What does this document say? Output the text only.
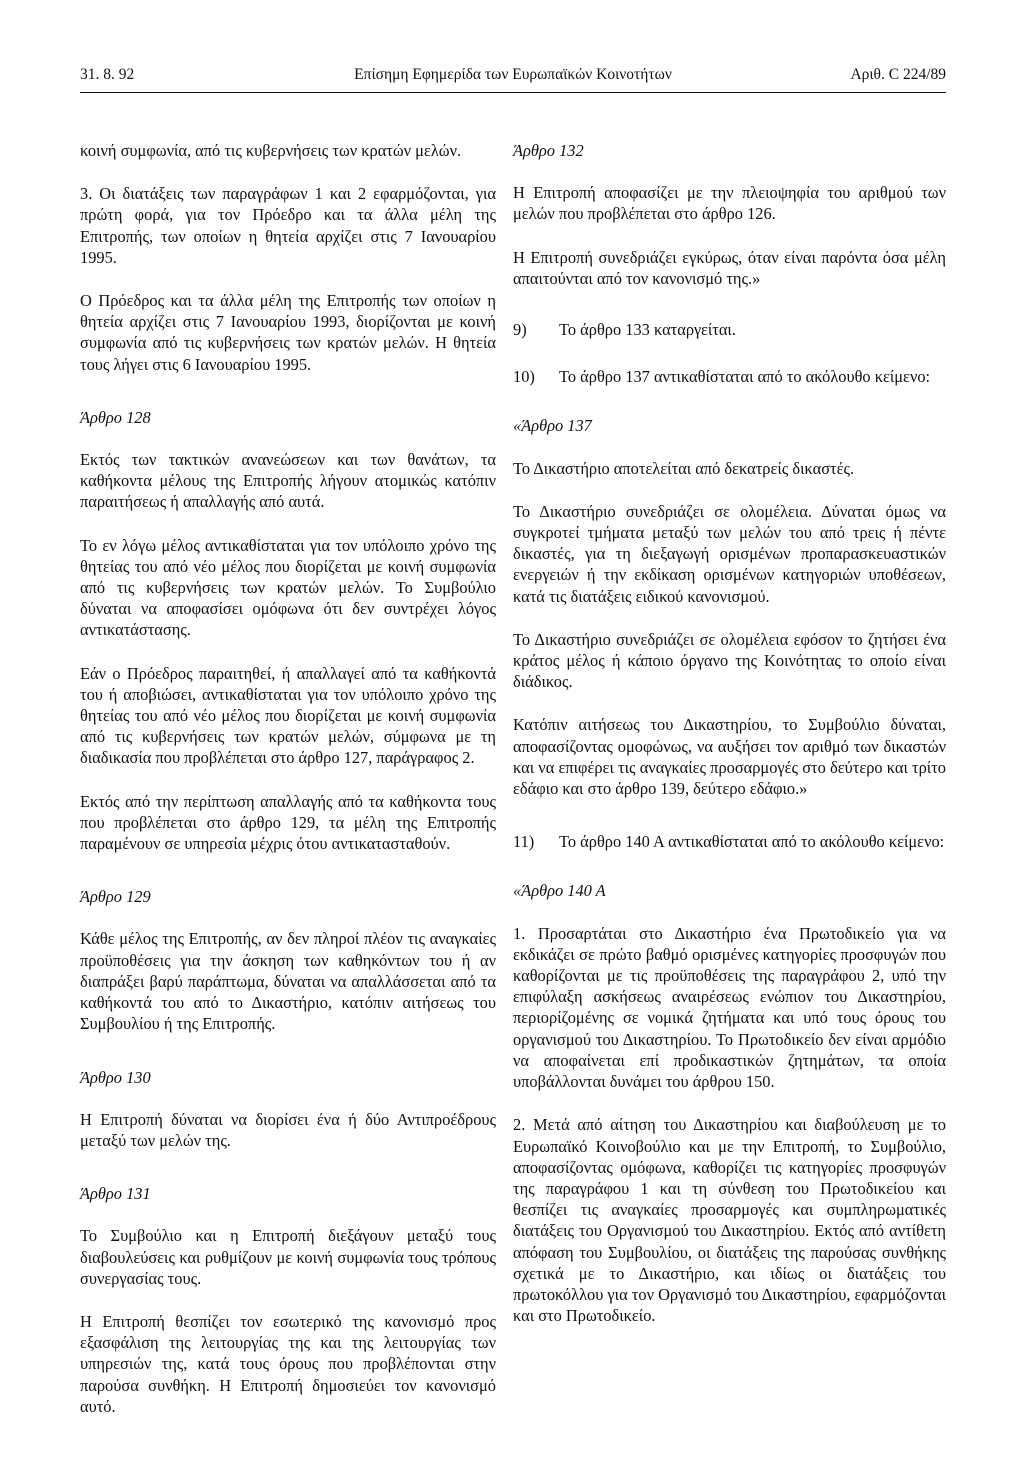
31. 8. 92	Επίσημη Εφημερίδα των Ευρωπαϊκών Κοινοτήτων	Αριθ. C 224/89

κοινή συμφωνία, από τις κυβερνήσεις των κρατών μελών.

3. Οι διατάξεις των παραγράφων 1 και 2 εφαρμόζονται, για πρώτη φορά, για τον Πρόεδρο και τα άλλα μέλη της Επιτροπής, των οποίων η θητεία αρχίζει στις 7 Ιανουαρίου 1995.

Ο Πρόεδρος και τα άλλα μέλη της Επιτροπής των οποίων η θητεία αρχίζει στις 7 Ιανουαρίου 1993, διορίζονται με κοινή συμφωνία από τις κυβερνήσεις των κρατών μελών. Η θητεία τους λήγει στις 6 Ιανουαρίου 1995.

Άρθρο 128

Εκτός των τακτικών ανανεώσεων και των θανάτων, τα καθήκοντα μέλους της Επιτροπής λήγουν ατομικώς κατόπιν παραιτήσεως ή απαλλαγής από αυτά.

Το εν λόγω μέλος αντικαθίσταται για τον υπόλοιπο χρόνο της θητείας του από νέο μέλος που διορίζεται με κοινή συμφωνία από τις κυβερνήσεις των κρατών μελών. Το Συμβούλιο δύναται να αποφασίσει ομόφωνα ότι δεν συντρέχει λόγος αντικατάστασης.

Εάν ο Πρόεδρος παραιτηθεί, ή απαλλαγεί από τα καθήκοντά του ή αποβιώσει, αντικαθίσταται για τον υπόλοιπο χρόνο της θητείας του από νέο μέλος που διορίζεται με κοινή συμφωνία από τις κυβερνήσεις των κρατών μελών, σύμφωνα με τη διαδικασία που προβλέπεται στο άρθρο 127, παράγραφος 2.

Εκτός από την περίπτωση απαλλαγής από τα καθήκοντα τους που προβλέπεται στο άρθρο 129, τα μέλη της Επιτροπής παραμένουν σε υπηρεσία μέχρις ότου αντικατασταθούν.

Άρθρο 129

Κάθε μέλος της Επιτροπής, αν δεν πληροί πλέον τις αναγκαίες προϋποθέσεις για την άσκηση των καθηκόντων του ή αν διαπράξει βαρύ παράπτωμα, δύναται να απαλλάσσεται από τα καθήκοντά του από το Δικαστήριο, κατόπιν αιτήσεως του Συμβουλίου ή της Επιτροπής.

Άρθρο 130

Η Επιτροπή δύναται να διορίσει ένα ή δύο Αντιπροέδρους μεταξύ των μελών της.

Άρθρο 131

Το Συμβούλιο και η Επιτροπή διεξάγουν μεταξύ τους διαβουλεύσεις και ρυθμίζουν με κοινή συμφωνία τους τρόπους συνεργασίας τους.

Η Επιτροπή θεσπίζει τον εσωτερικό της κανονισμό προς εξασφάλιση της λειτουργίας της και της λειτουργίας των υπηρεσιών της, κατά τους όρους που προβλέπονται στην παρούσα συνθήκη. Η Επιτροπή δημοσιεύει τον κανονισμό αυτό.

Άρθρο 132

Η Επιτροπή αποφασίζει με την πλειοψηφία του αριθμού των μελών που προβλέπεται στο άρθρο 126.

Η Επιτροπή συνεδριάζει εγκύρως, όταν είναι παρόντα όσα μέλη απαιτούνται από τον κανονισμό της.»

9) Το άρθρο 133 καταργείται.
10) Το άρθρο 137 αντικαθίσταται από το ακόλουθο κείμενο:

«Άρθρο 137

Το Δικαστήριο αποτελείται από δεκατρείς δικαστές.

Το Δικαστήριο συνεδριάζει σε ολομέλεια. Δύναται όμως να συγκροτεί τμήματα μεταξύ των μελών του από τρεις ή πέντε δικαστές, για τη διεξαγωγή ορισμένων προπαρασκευαστικών ενεργειών ή την εκδίκαση ορισμένων κατηγοριών υποθέσεων, κατά τις διατάξεις ειδικού κανονισμού.

Το Δικαστήριο συνεδριάζει σε ολομέλεια εφόσον το ζητήσει ένα κράτος μέλος ή κάποιο όργανο της Κοινότητας το οποίο είναι διάδικος.

Κατόπιν αιτήσεως του Δικαστηρίου, το Συμβούλιο δύναται, αποφασίζοντας ομοφώνως, να αυξήσει τον αριθμό των δικαστών και να επιφέρει τις αναγκαίες προσαρμογές στο δεύτερο και τρίτο εδάφιο και στο άρθρο 139, δεύτερο εδάφιο.»

11) Το άρθρο 140 Α αντικαθίσταται από το ακόλουθο κείμενο:

«Άρθρο 140 Α

1. Προσαρτάται στο Δικαστήριο ένα Πρωτοδικείο για να εκδικάζει σε πρώτο βαθμό ορισμένες κατηγορίες προσφυγών που καθορίζονται με τις προϋποθέσεις της παραγράφου 2, υπό την επιφύλαξη ασκήσεως αναιρέσεως ενώπιον του Δικαστηρίου, περιορίζομένης σε νομικά ζητήματα και υπό τους όρους του οργανισμού του Δικαστηρίου. Το Πρωτοδικείο δεν είναι αρμόδιο να αποφαίνεται επί προδικαστικών ζητημάτων, τα οποία υποβάλλονται δυνάμει του άρθρου 150.

2. Μετά από αίτηση του Δικαστηρίου και διαβούλευση με το Ευρωπαϊκό Κοινοβούλιο και με την Επιτροπή, το Συμβούλιο, αποφασίζοντας ομόφωνα, καθορίζει τις κατηγορίες προσφυγών της παραγράφου 1 και τη σύνθεση του Πρωτοδικείου και θεσπίζει τις αναγκαίες προσαρμογές και συμπληρωματικές διατάξεις του Οργανισμού του Δικαστηρίου. Εκτός από αντίθετη απόφαση του Συμβουλίου, οι διατάξεις της παρούσας συνθήκης σχετικά με το Δικαστήριο, και ιδίως οι διατάξεις του πρωτοκόλλου για τον Οργανισμό του Δικαστηρίου, εφαρμόζονται και στο Πρωτοδικείο.
